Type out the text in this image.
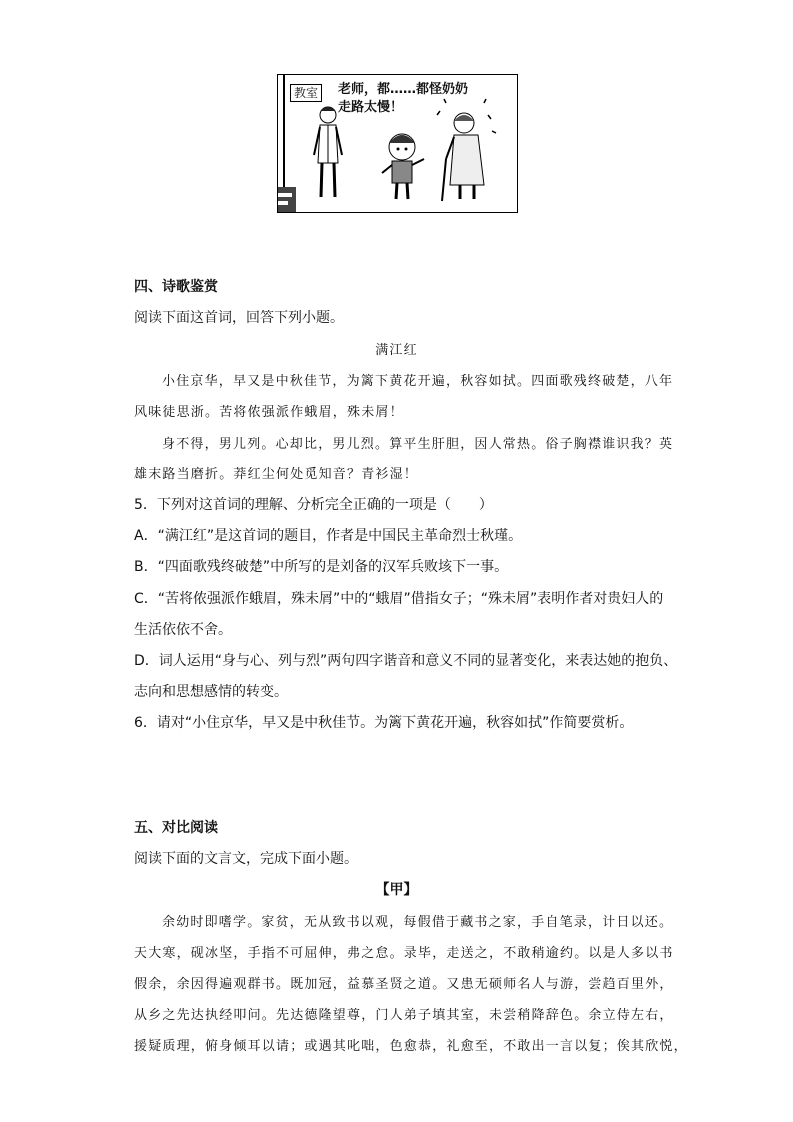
教室	老师，都……都怪奶奶
走路太慢！
四、诗歌鉴赏
阅读下面这首词，回答下列小题。
满江红
小住京华，早又是中秋佳节，为篱下黄花开遍，秋容如拭。四面歌残终破楚，八年
风味徒思浙。苦将侬强派作蛾眉，殊未屑！
身不得，男儿列。心却比，男儿烈。算平生肝胆，因人常热。俗子胸襟谁识我？英
雄末路当磨折。莽红尘何处觅知音？青衫湿！
5．下列对这首词的理解、分析完全正确的一项是（　　）
A．“满江红”是这首词的题目，作者是中国民主革命烈士秋瑾。
B．“四面歌残终破楚”中所写的是刘备的汉军兵败垓下一事。
C．“苦将侬强派作蛾眉，殊未屑”中的“蛾眉”借指女子；“殊未屑”表明作者对贵妇人的
生活依依不舍。
D．词人运用“身与心、列与烈”两句四字谐音和意义不同的显著变化，来表达她的抱负、
志向和思想感情的转变。
6．请对“小住京华，早又是中秋佳节。为篱下黄花开遍，秋容如拭”作简要赏析。
五、对比阅读
阅读下面的文言文，完成下面小题。
【甲】
余幼时即嗜学。家贫，无从致书以观，每假借于藏书之家，手自笔录，计日以还。
天大寒，砚冰坚，手指不可屈伸，弗之怠。录毕，走送之，不敢稍逾约。以是人多以书
假余，余因得遍观群书。既加冠，益慕圣贤之道。又患无硕师名人与游，尝趋百里外，
从乡之先达执经叩问。先达德隆望尊，门人弟子填其室，未尝稍降辞色。余立侍左右，
援疑质理，俯身倾耳以请；或遇其叱咄，色愈恭，礼愈至，不敢出一言以复；俟其欣悦，
